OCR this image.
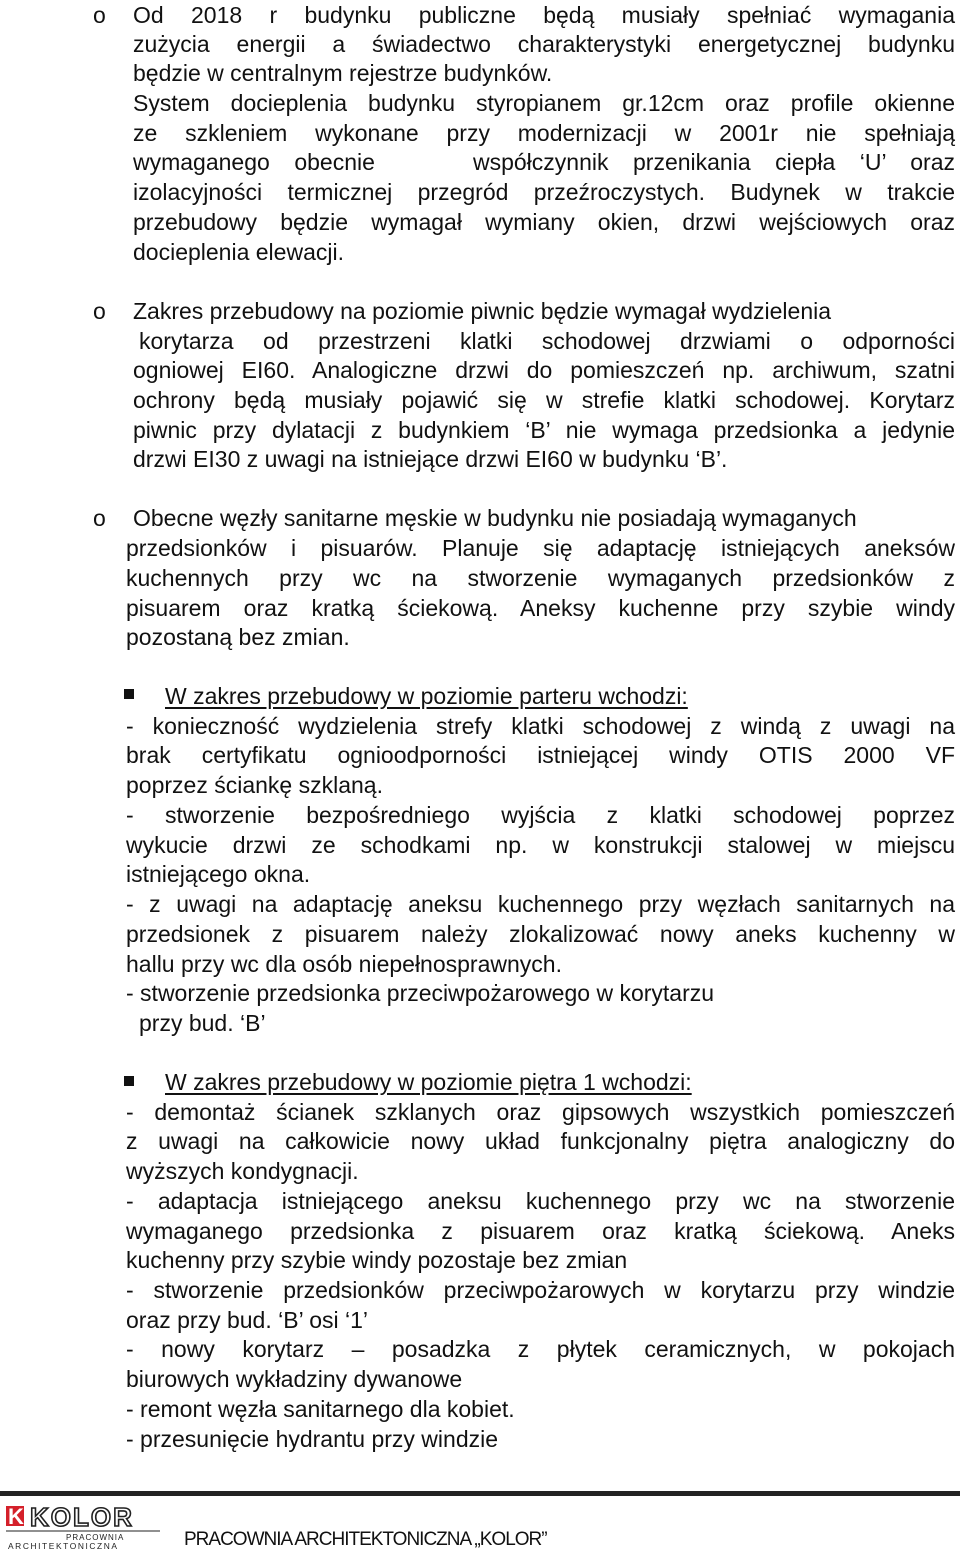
o Od 2018 r budynku publiczne będą musiały spełniać wymagania
zużycia energii a świadectwo charakterystyki energetycznej budynku
będzie w centralnym rejestrze budynków.
System docieplenia budynku styropianem gr.12cm oraz profile okienne
ze szkleniem wykonane przy modernizacji w 2001r nie spełniają
wymaganego obecnie    współczynnik przenikania ciepła ‘U’ oraz
izolacyjności termicznej przegród przeźroczystych. Budynek w trakcie
przebudowy będzie wymagał wymiany okien, drzwi wejściowych oraz
docieplenia elewacji.
o Zakres przebudowy na poziomie piwnic będzie wymagał wydzielenia
korytarza od przestrzeni klatki schodowej drzwiami o odporności
ogniowej EI60. Analogiczne drzwi do pomieszczeń np. archiwum, szatni
ochrony będą musiały pojawić się w strefie klatki schodowej. Korytarz
piwnic przy dylatacji z budynkiem ‘B’ nie wymaga przedsionka a jedynie
drzwi EI30 z uwagi na istniejące drzwi EI60 w budynku ‘B’.
o Obecne węzły sanitarne męskie w budynku nie posiadają wymaganych
przedsionków i pisuarów. Planuje się adaptację istniejących aneksów
kuchennych przy wc na stworzenie wymaganych przedsionków z
pisuarem oraz kratką ściekową. Aneksy kuchenne przy szybie windy
pozostaną bez zmian.
W zakres przebudowy w poziomie parteru wchodzi:
- konieczność wydzielenia strefy klatki schodowej z windą z uwagi na
brak certyfikatu ognioodporności istniejącej windy OTIS 2000 VF
poprzez ściankę szklaną.
- stworzenie bezpośredniego wyjścia z klatki schodowej poprzez
wykucie drzwi ze schodkami np. w konstrukcji stalowej w miejscu
istniejącego okna.
- z uwagi na adaptację aneksu kuchennego przy węzłach sanitarnych na
przedsionek z pisuarem należy zlokalizować nowy aneks kuchenny w
hallu przy wc dla osób niepełnosprawnych.
- stworzenie przedsionka przeciwpożarowego w korytarzu
przy bud. ‘B’
W zakres przebudowy w poziomie piętra 1 wchodzi:
- demontaż ścianek szklanych oraz gipsowych wszystkich pomieszczeń
z uwagi na całkowicie nowy układ funkcjonalny piętra analogiczny do
wyższych kondygnacji.
- adaptacja istniejącego aneksu kuchennego przy wc na stworzenie
wymaganego przedsionka z pisuarem oraz kratką ściekową. Aneks
kuchenny przy szybie windy pozostaje bez zmian
- stworzenie przedsionków przeciwpożarowych w korytarzu przy windzie
oraz przy bud. ‘B’ osi ‘1’
- nowy korytarz – posadzka z płytek ceramicznych, w pokojach
biurowych wykładziny dywanowe
- remont węzła sanitarnego dla kobiet.
- przesunięcie hydrantu przy windzie
K KOLOR
PRACOWNIA
ARCHITEKTONICZNA	PRACOWNIA ARCHITEKTONICZNA „KOLOR”
